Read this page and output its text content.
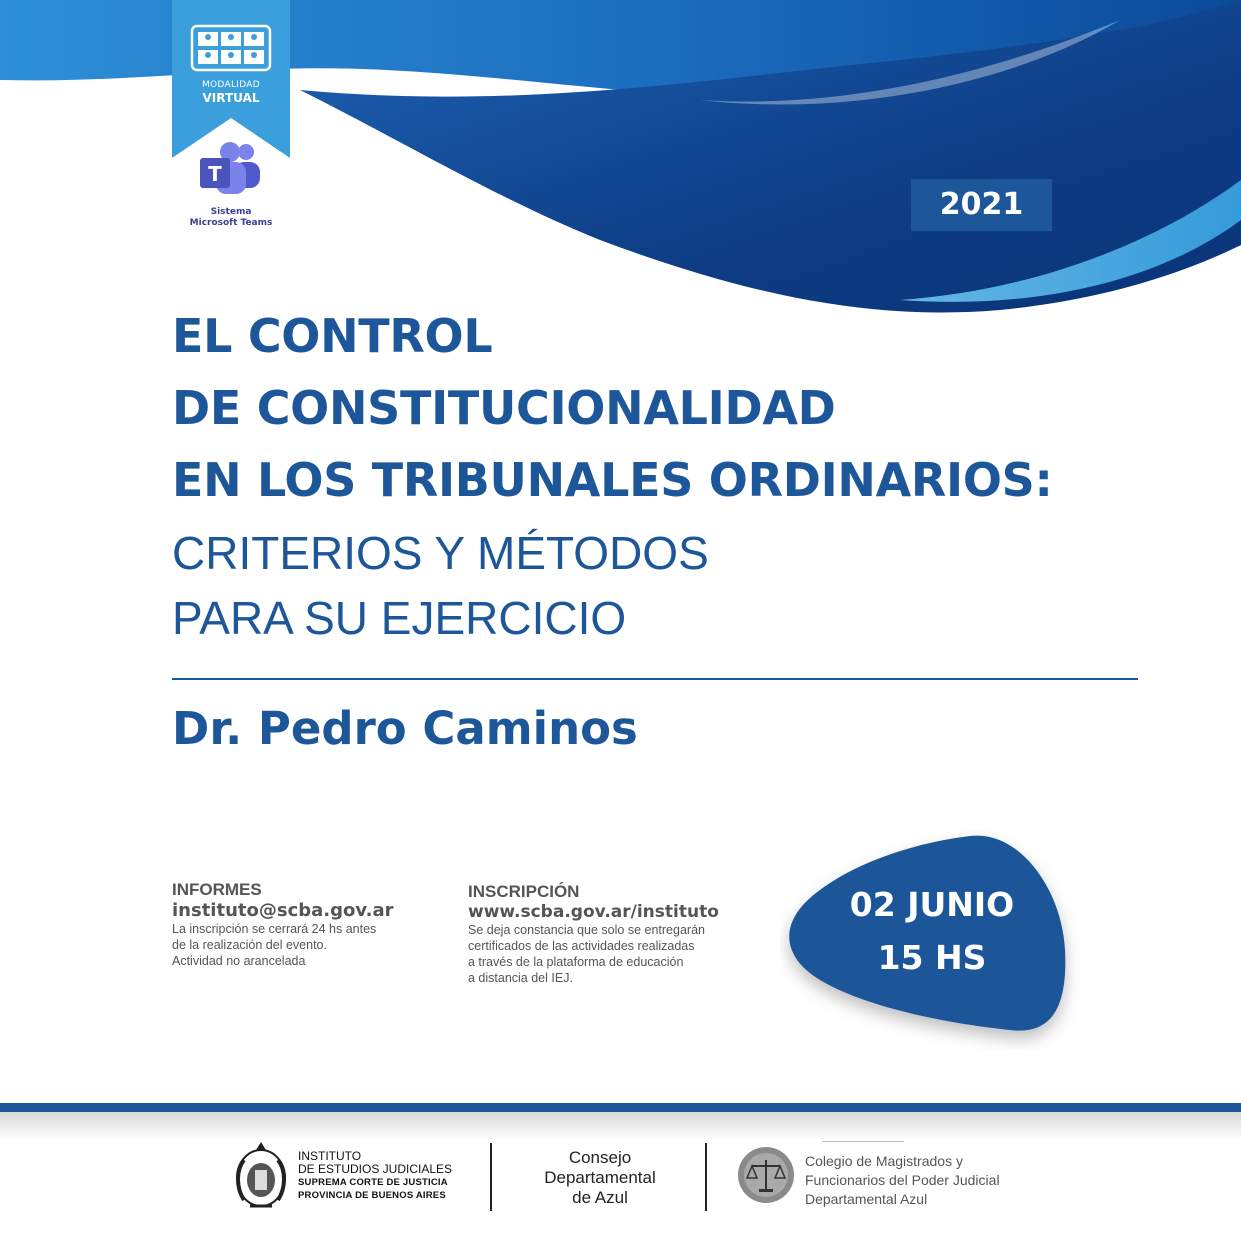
MODALIDAD
VIRTUAL
T
Sistema
Microsoft Teams
2021
EL CONTROL
DE CONSTITUCIONALIDAD
EN LOS TRIBUNALES ORDINARIOS:
CRITERIOS Y MÉTODOS
PARA SU EJERCICIO
Dr. Pedro Caminos
INFORMES
instituto@scba.gov.ar
La inscripción se cerrará 24 hs antes
de la realización del evento.
Actividad no arancelada
INSCRIPCIÓN
www.scba.gov.ar/instituto
Se deja constancia que solo se entregarán
certificados de las actividades realizadas
a través de la plataforma de educación
a distancia del IEJ.
02 JUNIO
15 HS
INSTITUTO
DE ESTUDIOS JUDICIALES
SUPREMA CORTE DE JUSTICIA
PROVINCIA DE BUENOS AIRES
Consejo
Departamental
de Azul
Colegio de Magistrados y
Funcionarios del Poder Judicial
Departamental Azul
